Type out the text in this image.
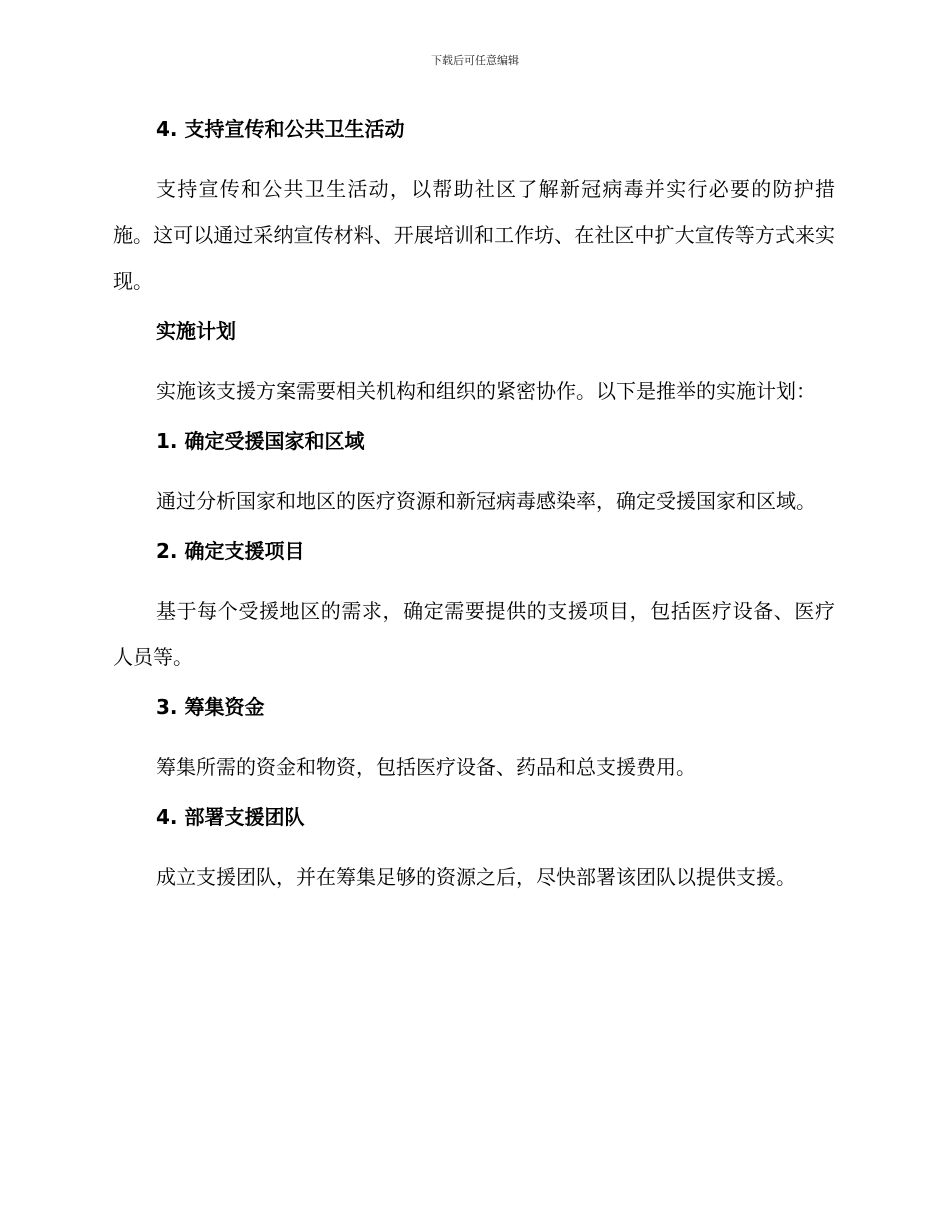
下载后可任意编辑
4. 支持宣传和公共卫生活动

支持宣传和公共卫生活动，以帮助社区了解新冠病毒并实行必要的防护措施。这可以通过采纳宣传材料、开展培训和工作坊、在社区中扩大宣传等方式来实现。

实施计划

实施该支援方案需要相关机构和组织的紧密协作。以下是推举的实施计划：

1. 确定受援国家和区域

通过分析国家和地区的医疗资源和新冠病毒感染率，确定受援国家和区域。

2. 确定支援项目

基于每个受援地区的需求，确定需要提供的支援项目，包括医疗设备、医疗人员等。

3. 筹集资金

筹集所需的资金和物资，包括医疗设备、药品和总支援费用。

4. 部署支援团队

成立支援团队，并在筹集足够的资源之后，尽快部署该团队以提供支援。
